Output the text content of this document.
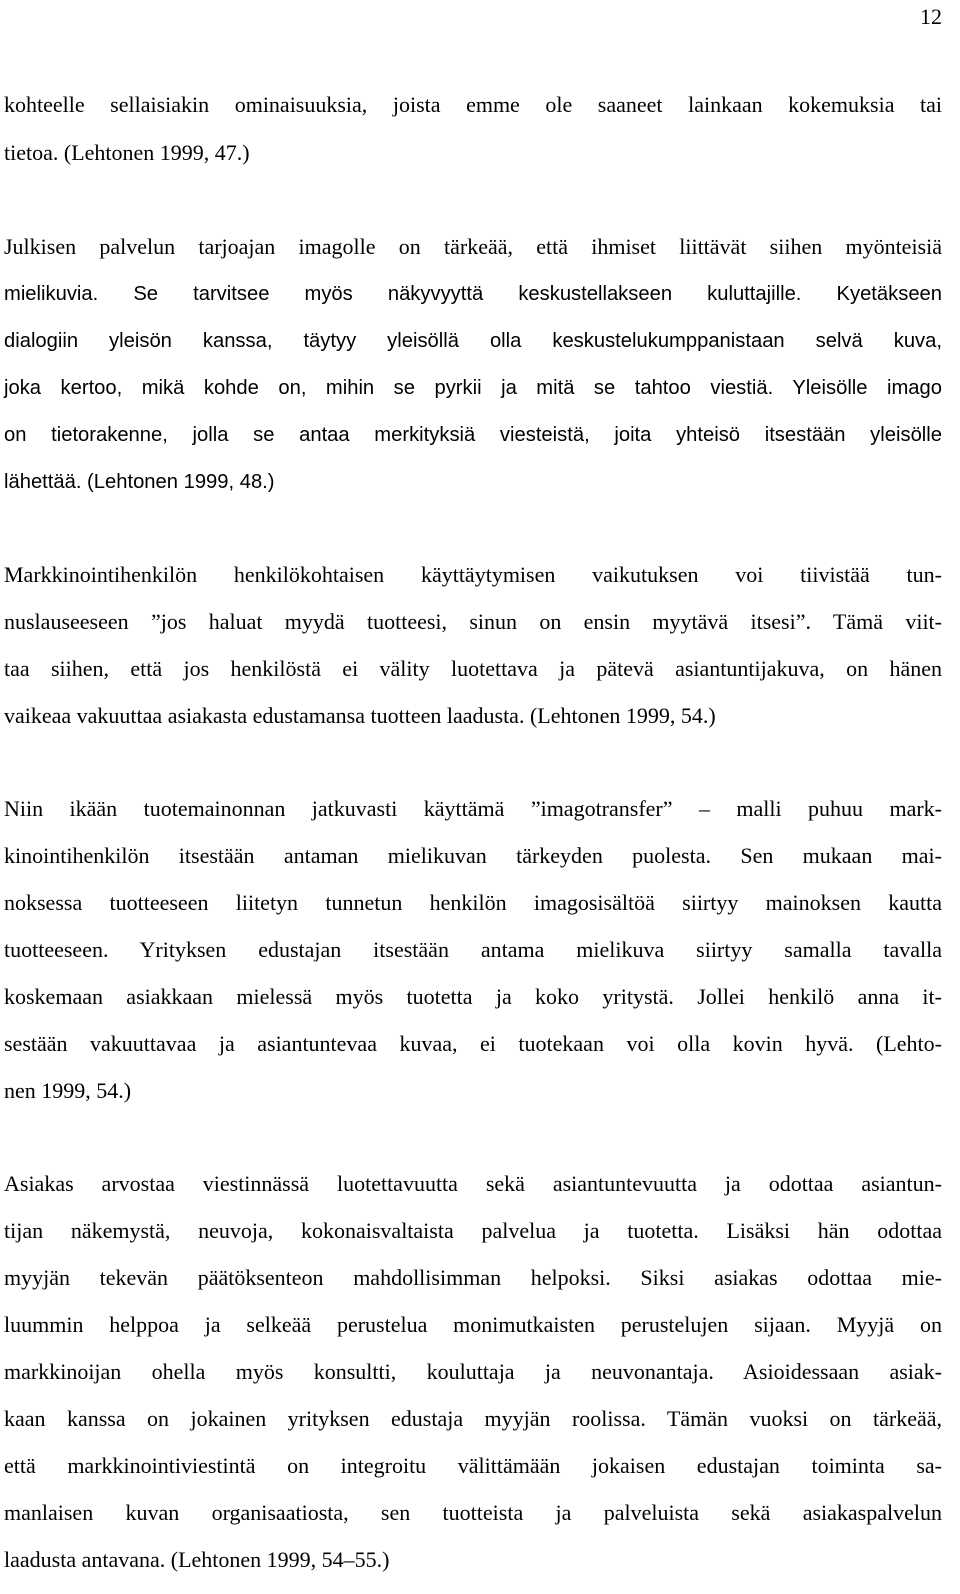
12
kohteelle sellaisiakin ominaisuuksia, joista emme ole saaneet lainkaan kokemuksia tai
tietoa. (Lehtonen 1999, 47.)
Julkisen palvelun tarjoajan imagolle on tärkeää, että ihmiset liittävät siihen myönteisiä
mielikuvia. Se tarvitsee myös näkyvyyttä keskustellakseen kuluttajille. Kyetäkseen
dialogiin yleisön kanssa, täytyy yleisöllä olla keskustelukumppanistaan selvä kuva,
joka kertoo, mikä kohde on, mihin se pyrkii ja mitä se tahtoo viestiä. Yleisölle imago
on tietorakenne, jolla se antaa merkityksiä viesteistä, joita yhteisö itsestään yleisölle
lähettää. (Lehtonen 1999, 48.)
Markkinointihenkilön henkilökohtaisen käyttäytymisen vaikutuksen voi tiivistää tun-
nuslauseeseen ”jos haluat myydä tuotteesi, sinun on ensin myytävä itsesi”. Tämä viit-
taa siihen, että jos henkilöstä ei välity luotettava ja pätevä asiantuntijakuva, on hänen
vaikeaa vakuuttaa asiakasta edustamansa tuotteen laadusta. (Lehtonen 1999, 54.)
Niin ikään tuotemainonnan jatkuvasti käyttämä ”imagotransfer” – malli puhuu mark-
kinointihenkilön itsestään antaman mielikuvan tärkeyden puolesta. Sen mukaan mai-
noksessa tuotteeseen liitetyn tunnetun henkilön imagosisältöä siirtyy mainoksen kautta
tuotteeseen. Yrityksen edustajan itsestään antama mielikuva siirtyy samalla tavalla
koskemaan asiakkaan mielessä myös tuotetta ja koko yritystä. Jollei henkilö anna it-
sestään vakuuttavaa ja asiantuntevaa kuvaa, ei tuotekaan voi olla kovin hyvä. (Lehto-
nen 1999, 54.)
Asiakas arvostaa viestinnässä luotettavuutta sekä asiantuntevuutta ja odottaa asiantun-
tijan näkemystä, neuvoja, kokonaisvaltaista palvelua ja tuotetta. Lisäksi hän odottaa
myyjän tekevän päätöksenteon mahdollisimman helpoksi. Siksi asiakas odottaa mie-
luummin helppoa ja selkeää perustelua monimutkaisten perustelujen sijaan. Myyjä on
markkinoijan ohella myös konsultti, kouluttaja ja neuvonantaja. Asioidessaan asiak-
kaan kanssa on jokainen yrityksen edustaja myyjän roolissa. Tämän vuoksi on tärkeää,
että markkinointiviestintä on integroitu välittämään jokaisen edustajan toiminta sa-
manlaisen kuvan organisaatiosta, sen tuotteista ja palveluista sekä asiakaspalvelun
laadusta antavana. (Lehtonen 1999, 54–55.)
